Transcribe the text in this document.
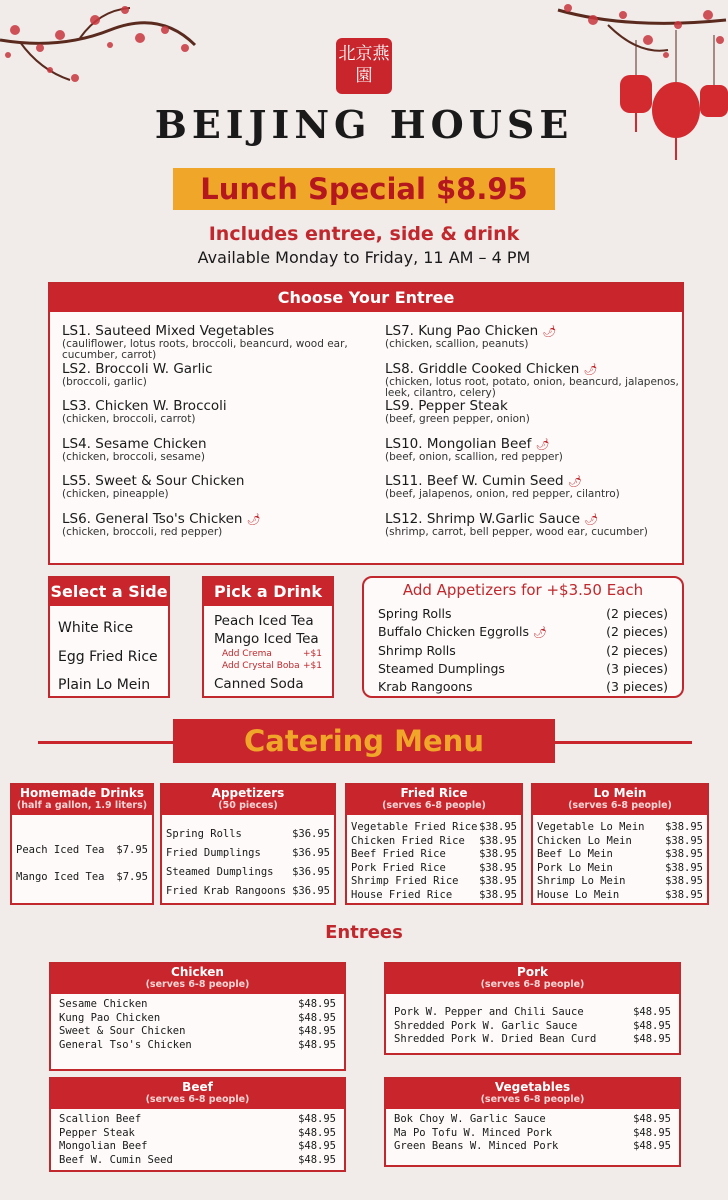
北京燕園
BEIJING HOUSE
Lunch Special $8.95
Includes entree, side & drink
Available Monday to Friday, 11 AM – 4 PM
Choose Your Entree
LS1. Sauteed Mixed Vegetables
(cauliflower, lotus roots, broccoli, beancurd, wood ear, cucumber, carrot)
LS2. Broccoli W. Garlic
(broccoli, garlic)
LS3. Chicken W. Broccoli
(chicken, broccoli, carrot)
LS4. Sesame Chicken
(chicken, broccoli, sesame)
LS5. Sweet & Sour Chicken
(chicken, pineapple)
LS6. General Tso's Chicken 🌶
(chicken, broccoli, red pepper)
LS7. Kung Pao Chicken 🌶
(chicken, scallion, peanuts)
LS8. Griddle Cooked Chicken 🌶
(chicken, lotus root, potato, onion, beancurd, jalapenos, leek, cilantro, celery)
LS9. Pepper Steak
(beef, green pepper, onion)
LS10. Mongolian Beef 🌶
(beef, onion, scallion, red pepper)
LS11. Beef W. Cumin Seed 🌶
(beef, jalapenos, onion, red pepper, cilantro)
LS12. Shrimp W.Garlic Sauce 🌶
(shrimp, carrot, bell pepper, wood ear, cucumber)
Select a Side
White Rice
Egg Fried Rice
Plain Lo Mein
Pick a Drink
Peach Iced Tea
Mango Iced Tea
Add Crema	+$1
Add Crystal Boba +$1
Canned Soda
Add Appetizers for +$3.50 Each
Spring Rolls	(2 pieces)
Buffalo Chicken Eggrolls 🌶	(2 pieces)
Shrimp Rolls	(2 pieces)
Steamed Dumplings	(3 pieces)
Krab Rangoons	(3 pieces)
Catering Menu
Homemade Drinks
(half a gallon, 1.9 liters)
Peach Iced Tea $7.95
Mango Iced Tea $7.95
Appetizers
(50 pieces)
Spring Rolls	$36.95
Fried Dumplings	$36.95
Steamed Dumplings $36.95
Fried Krab Rangoons $36.95
Fried Rice
(serves 6-8 people)
Vegetable Fried Rice $38.95
Chicken Fried Rice $38.95
Beef Fried Rice	$38.95
Pork Fried Rice	$38.95
Shrimp Fried Rice $38.95
House Fried Rice	$38.95
Lo Mein
(serves 6-8 people)
Vegetable Lo Mein $38.95
Chicken Lo Mein	$38.95
Beef Lo Mein	$38.95
Pork Lo Mein	$38.95
Shrimp Lo Mein	$38.95
House Lo Mein	$38.95
Entrees
Chicken
(serves 6-8 people)
Sesame Chicken	$48.95
Kung Pao Chicken	$48.95
Sweet & Sour Chicken	$48.95
General Tso's Chicken	$48.95
Pork
(serves 6-8 people)
Pork W. Pepper and Chili Sauce	$48.95
Shredded Pork W. Garlic Sauce	$48.95
Shredded Pork W. Dried Bean Curd	$48.95
Beef
(serves 6-8 people)
Scallion Beef	$48.95
Pepper Steak	$48.95
Mongolian Beef	$48.95
Beef W. Cumin Seed	$48.95
Vegetables
(serves 6-8 people)
Bok Choy W. Garlic Sauce	$48.95
Ma Po Tofu W. Minced Pork	$48.95
Green Beans W. Minced Pork	$48.95
